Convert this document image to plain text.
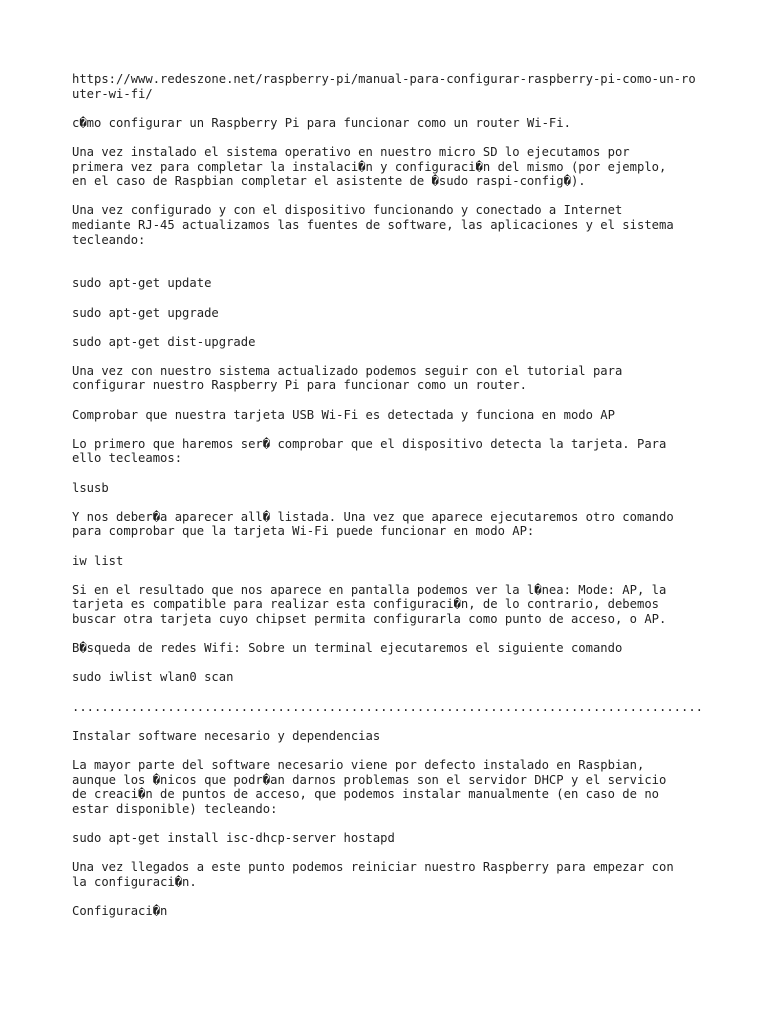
https://www.redeszone.net/raspberry-pi/manual-para-configurar-raspberry-pi-como-un-router-wi-fi/

c�mo configurar un Raspberry Pi para funcionar como un router Wi-Fi.

Una vez instalado el sistema operativo en nuestro micro SD lo ejecutamos por
primera vez para completar la instalaci�n y configuraci�n del mismo (por ejemplo,
en el caso de Raspbian completar el asistente de �sudo raspi-config�).

Una vez configurado y con el dispositivo funcionando y conectado a Internet
mediante RJ-45 actualizamos las fuentes de software, las aplicaciones y el sistema
tecleando:

sudo apt-get update

sudo apt-get upgrade

sudo apt-get dist-upgrade

Una vez con nuestro sistema actualizado podemos seguir con el tutorial para
configurar nuestro Raspberry Pi para funcionar como un router.

Comprobar que nuestra tarjeta USB Wi-Fi es detectada y funciona en modo AP

Lo primero que haremos ser� comprobar que el dispositivo detecta la tarjeta. Para
ello tecleamos:

lsusb

Y nos deber�a aparecer all� listada. Una vez que aparece ejecutaremos otro comando
para comprobar que la tarjeta Wi-Fi puede funcionar en modo AP:

iw list

Si en el resultado que nos aparece en pantalla podemos ver la l�nea: Mode: AP, la
tarjeta es compatible para realizar esta configuraci�n, de lo contrario, debemos
buscar otra tarjeta cuyo chipset permita configurarla como punto de acceso, o AP.

B�squeda de redes Wifi: Sobre un terminal ejecutaremos el siguiente comando

sudo iwlist wlan0 scan

......................................................................................

Instalar software necesario y dependencias

La mayor parte del software necesario viene por defecto instalado en Raspbian,
aunque los �nicos que podr�an darnos problemas son el servidor DHCP y el servicio
de creaci�n de puntos de acceso, que podemos instalar manualmente (en caso de no
estar disponible) tecleando:

sudo apt-get install isc-dhcp-server hostapd

Una vez llegados a este punto podemos reiniciar nuestro Raspberry para empezar con
la configuraci�n.

Configuraci�n
